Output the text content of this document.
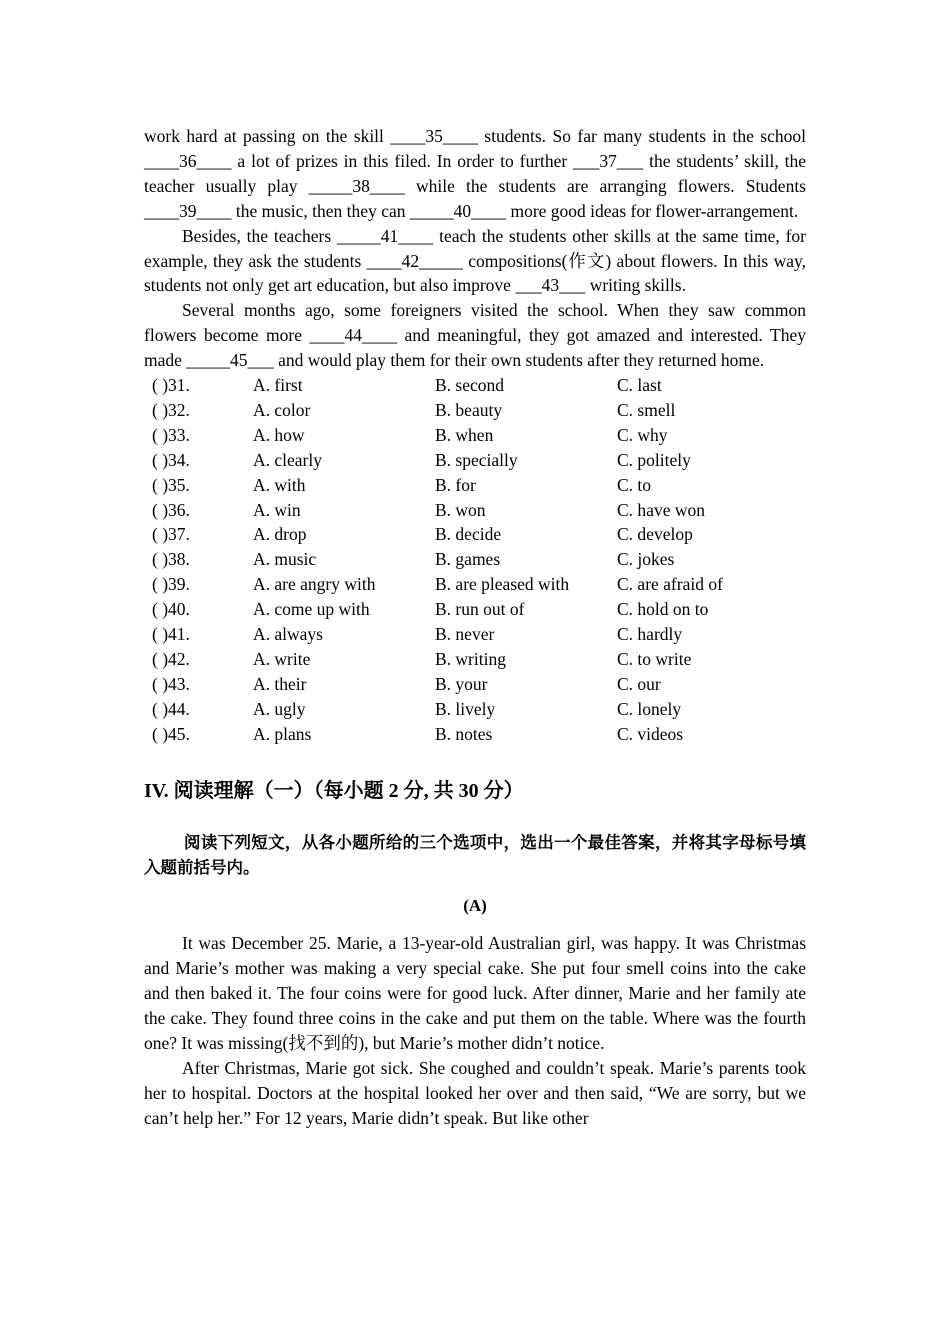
work hard at passing on the skill ____35____ students. So far many students in the school ____36____ a lot of prizes in this filed. In order to further ___37___ the students’ skill, the teacher usually play _____38____ while the students are arranging flowers. Students ____39____ the music, then they can _____40____ more good ideas for flower-arrangement.

Besides, the teachers _____41____ teach the students other skills at the same time, for example, they ask the students ____42_____ compositions(作文) about flowers. In this way, students not only get art education, but also improve ___43___ writing skills.

Several months ago, some foreigners visited the school. When they saw common flowers become more ____44____ and meaningful, they got amazed and interested. They made _____45___ and would play them for their own students after they returned home.

( )31.	A. first	B. second	C. last
( )32.	A. color	B. beauty	C. smell
( )33.	A. how	B. when	C. why
( )34.	A. clearly	B. specially	C. politely
( )35.	A. with	B. for	C. to
( )36.	A. win	B. won	C. have won
( )37.	A. drop	B. decide	C. develop
( )38.	A. music	B. games	C. jokes
( )39.	A. are angry with	B. are pleased with	C. are afraid of
( )40.	A. come up with	B. run out of	C. hold on to
( )41.	A. always	B. never	C. hardly
( )42.	A. write	B. writing	C. to write
( )43.	A. their	B. your	C. our
( )44.	A. ugly	B. lively	C. lonely
( )45.	A. plans	B. notes	C. videos
IV. 阅读理解（一）（每小题 2 分, 共 30 分）

阅读下列短文，从各小题所给的三个选项中，选出一个最佳答案，并将其字母标号填入题前括号内。

(A)

It was December 25. Marie, a 13-year-old Australian girl, was happy. It was Christmas and Marie’s mother was making a very special cake. She put four smell coins into the cake and then baked it. The four coins were for good luck. After dinner, Marie and her family ate the cake. They found three coins in the cake and put them on the table. Where was the fourth one? It was missing(找不到的), but Marie’s mother didn’t notice.

After Christmas, Marie got sick. She coughed and couldn’t speak. Marie’s parents took her to hospital. Doctors at the hospital looked her over and then said, “We are sorry, but we can’t help her.” For 12 years, Marie didn’t speak. But like other
